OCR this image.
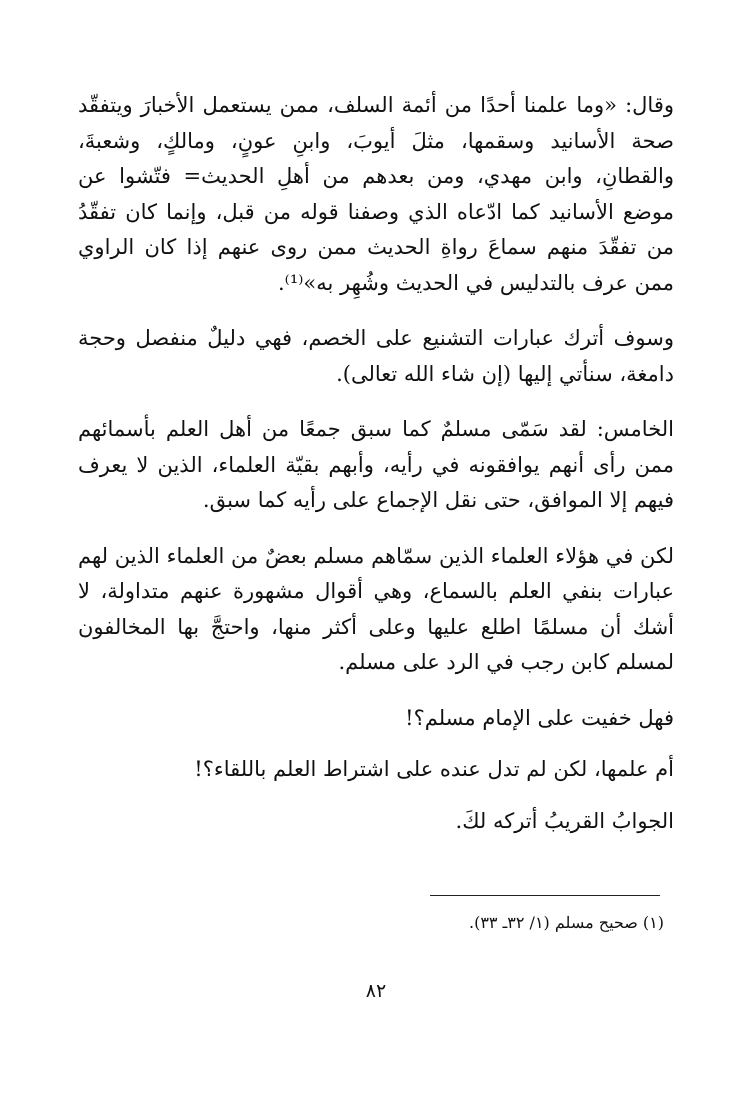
وقال: «وما علمنا أحدًا من أئمة السلف، ممن يستعمل الأخبارَ ويتفقّد صحة الأسانيد وسقمها، مثلَ أيوبَ، وابنِ عونٍ، ومالكٍ، وشعبةَ، والقطانِ، وابن مهدي، ومن بعدهم من أهلِ الحديث= فتّشوا عن موضع الأسانيد كما ادّعاه الذي وصفنا قوله من قبل، وإنما كان تفقّدُ من تفقّدَ منهم سماعَ رواةِ الحديث ممن روى عنهم إذا كان الراوي ممن عرف بالتدليس في الحديث وشُهِر به»⁽¹⁾.

وسوف أترك عبارات التشنيع على الخصم، فهي دليلٌ منفصل وحجة دامغة، سنأتي إليها (إن شاء الله تعالى).

الخامس: لقد سَمّى مسلمٌ كما سبق جمعًا من أهل العلم بأسمائهم ممن رأى أنهم يوافقونه في رأيه، وأبهم بقيّة العلماء، الذين لا يعرف فيهم إلا الموافق، حتى نقل الإجماع على رأيه كما سبق.

لكن في هؤلاء العلماء الذين سمّاهم مسلم بعضٌ من العلماء الذين لهم عبارات بنفي العلم بالسماع، وهي أقوال مشهورة عنهم متداولة، لا أشك أن مسلمًا اطلع عليها وعلى أكثر منها، واحتجَّ بها المخالفون لمسلم كابن رجب في الرد على مسلم.

فهل خفيت على الإمام مسلم؟!

أم علمها، لكن لم تدل عنده على اشتراط العلم باللقاء؟!

الجوابُ القريبُ أتركه لكَ.

(١) صحيح مسلم (١/ ٣٢ـ ٣٣).
٨٢
